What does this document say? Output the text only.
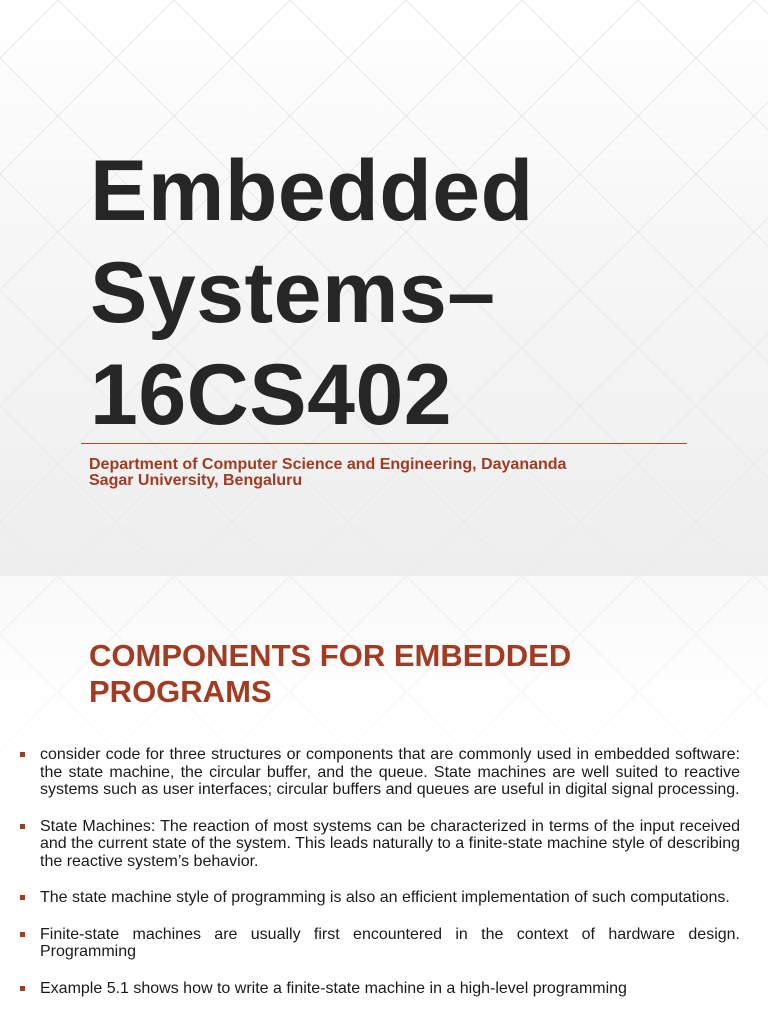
Embedded
Systems–
16CS402

Department of Computer Science and Engineering, Dayananda
Sagar University, Bengaluru

COMPONENTS FOR EMBEDDED
PROGRAMS
consider code for three structures or components that are commonly used in embedded software: the state machine, the circular buffer, and the queue. State machines are well suited to reactive systems such as user interfaces; circular buffers and queues are useful in digital signal processing.
State Machines: The reaction of most systems can be characterized in terms of the input received and the current state of the system. This leads naturally to a finite-state machine style of describing the reactive system’s behavior.
The state machine style of programming is also an efficient implementation of such computations.
Finite-state machines are usually first encountered in the context of hardware design. Programming
Example 5.1 shows how to write a finite-state machine in a high-level programming
